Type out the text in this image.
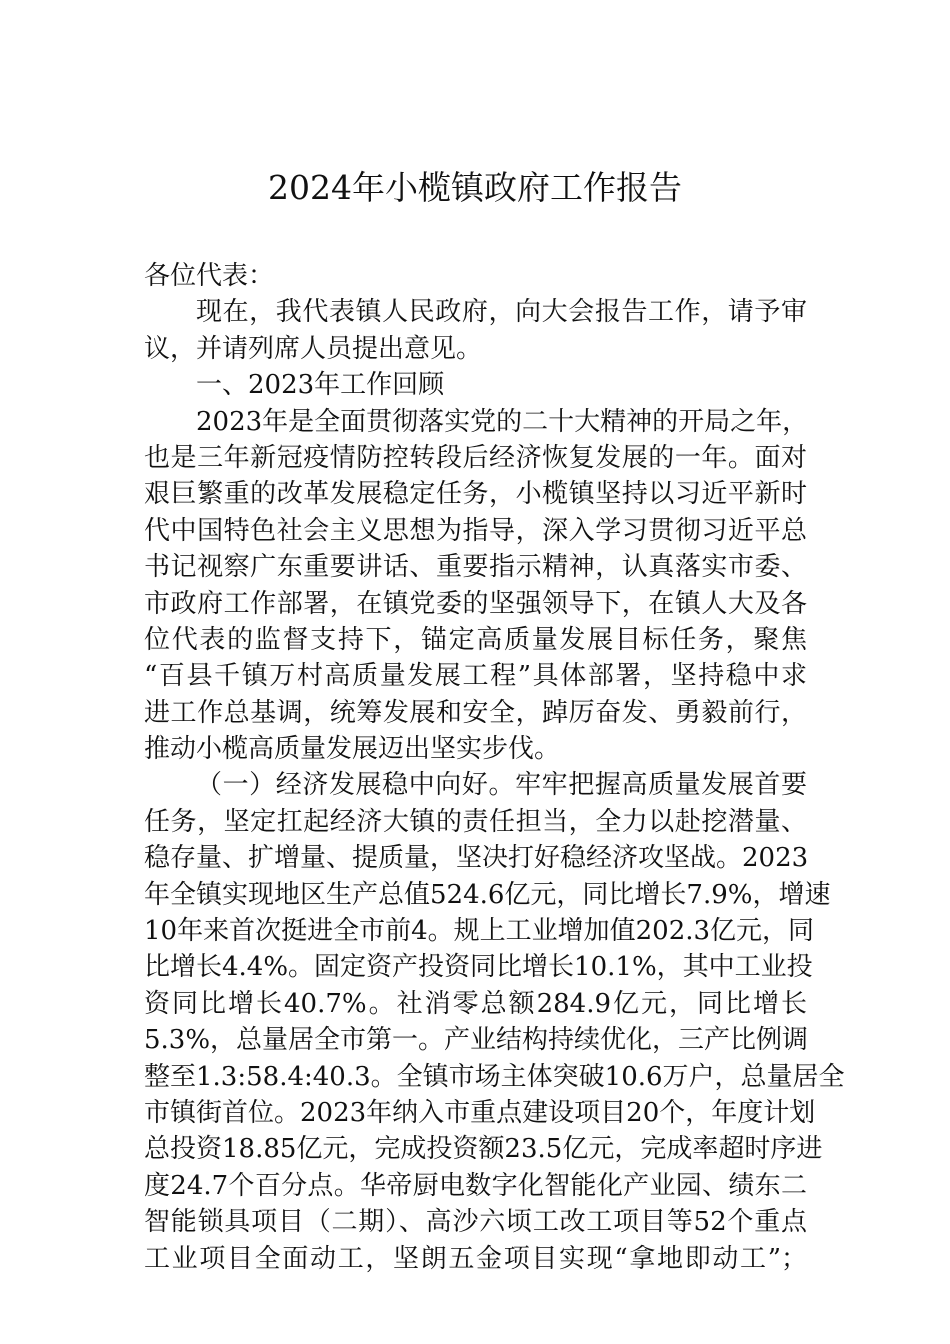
2024年小榄镇政府工作报告
各位代表：
现在，我代表镇人民政府，向大会报告工作，请予审
议，并请列席人员提出意见。
一、2023年工作回顾
2023年是全面贯彻落实党的二十大精神的开局之年，
也是三年新冠疫情防控转段后经济恢复发展的一年。面对
艰巨繁重的改革发展稳定任务，小榄镇坚持以习近平新时
代中国特色社会主义思想为指导，深入学习贯彻习近平总
书记视察广东重要讲话、重要指示精神，认真落实市委、
市政府工作部署，在镇党委的坚强领导下，在镇人大及各
位代表的监督支持下，锚定高质量发展目标任务，聚焦
“百县千镇万村高质量发展工程”具体部署，坚持稳中求
进工作总基调，统筹发展和安全，踔厉奋发、勇毅前行，
推动小榄高质量发展迈出坚实步伐。
（一）经济发展稳中向好。牢牢把握高质量发展首要
任务，坚定扛起经济大镇的责任担当，全力以赴挖潜量、
稳存量、扩增量、提质量，坚决打好稳经济攻坚战。2023
年全镇实现地区生产总值524.6亿元，同比增长7.9%，增速
10年来首次挺进全市前4。规上工业增加值202.3亿元，同
比增长4.4%。固定资产投资同比增长10.1%，其中工业投
资同比增长40.7%。社消零总额284.9亿元，同比增长
5.3%，总量居全市第一。产业结构持续优化，三产比例调
整至1.3:58.4:40.3。全镇市场主体突破10.6万户，总量居全
市镇街首位。2023年纳入市重点建设项目20个，年度计划
总投资18.85亿元，完成投资额23.5亿元，完成率超时序进
度24.7个百分点。华帝厨电数字化智能化产业园、绩东二
智能锁具项目（二期）、高沙六顷工改工项目等52个重点
工业项目全面动工，坚朗五金项目实现“拿地即动工”；
